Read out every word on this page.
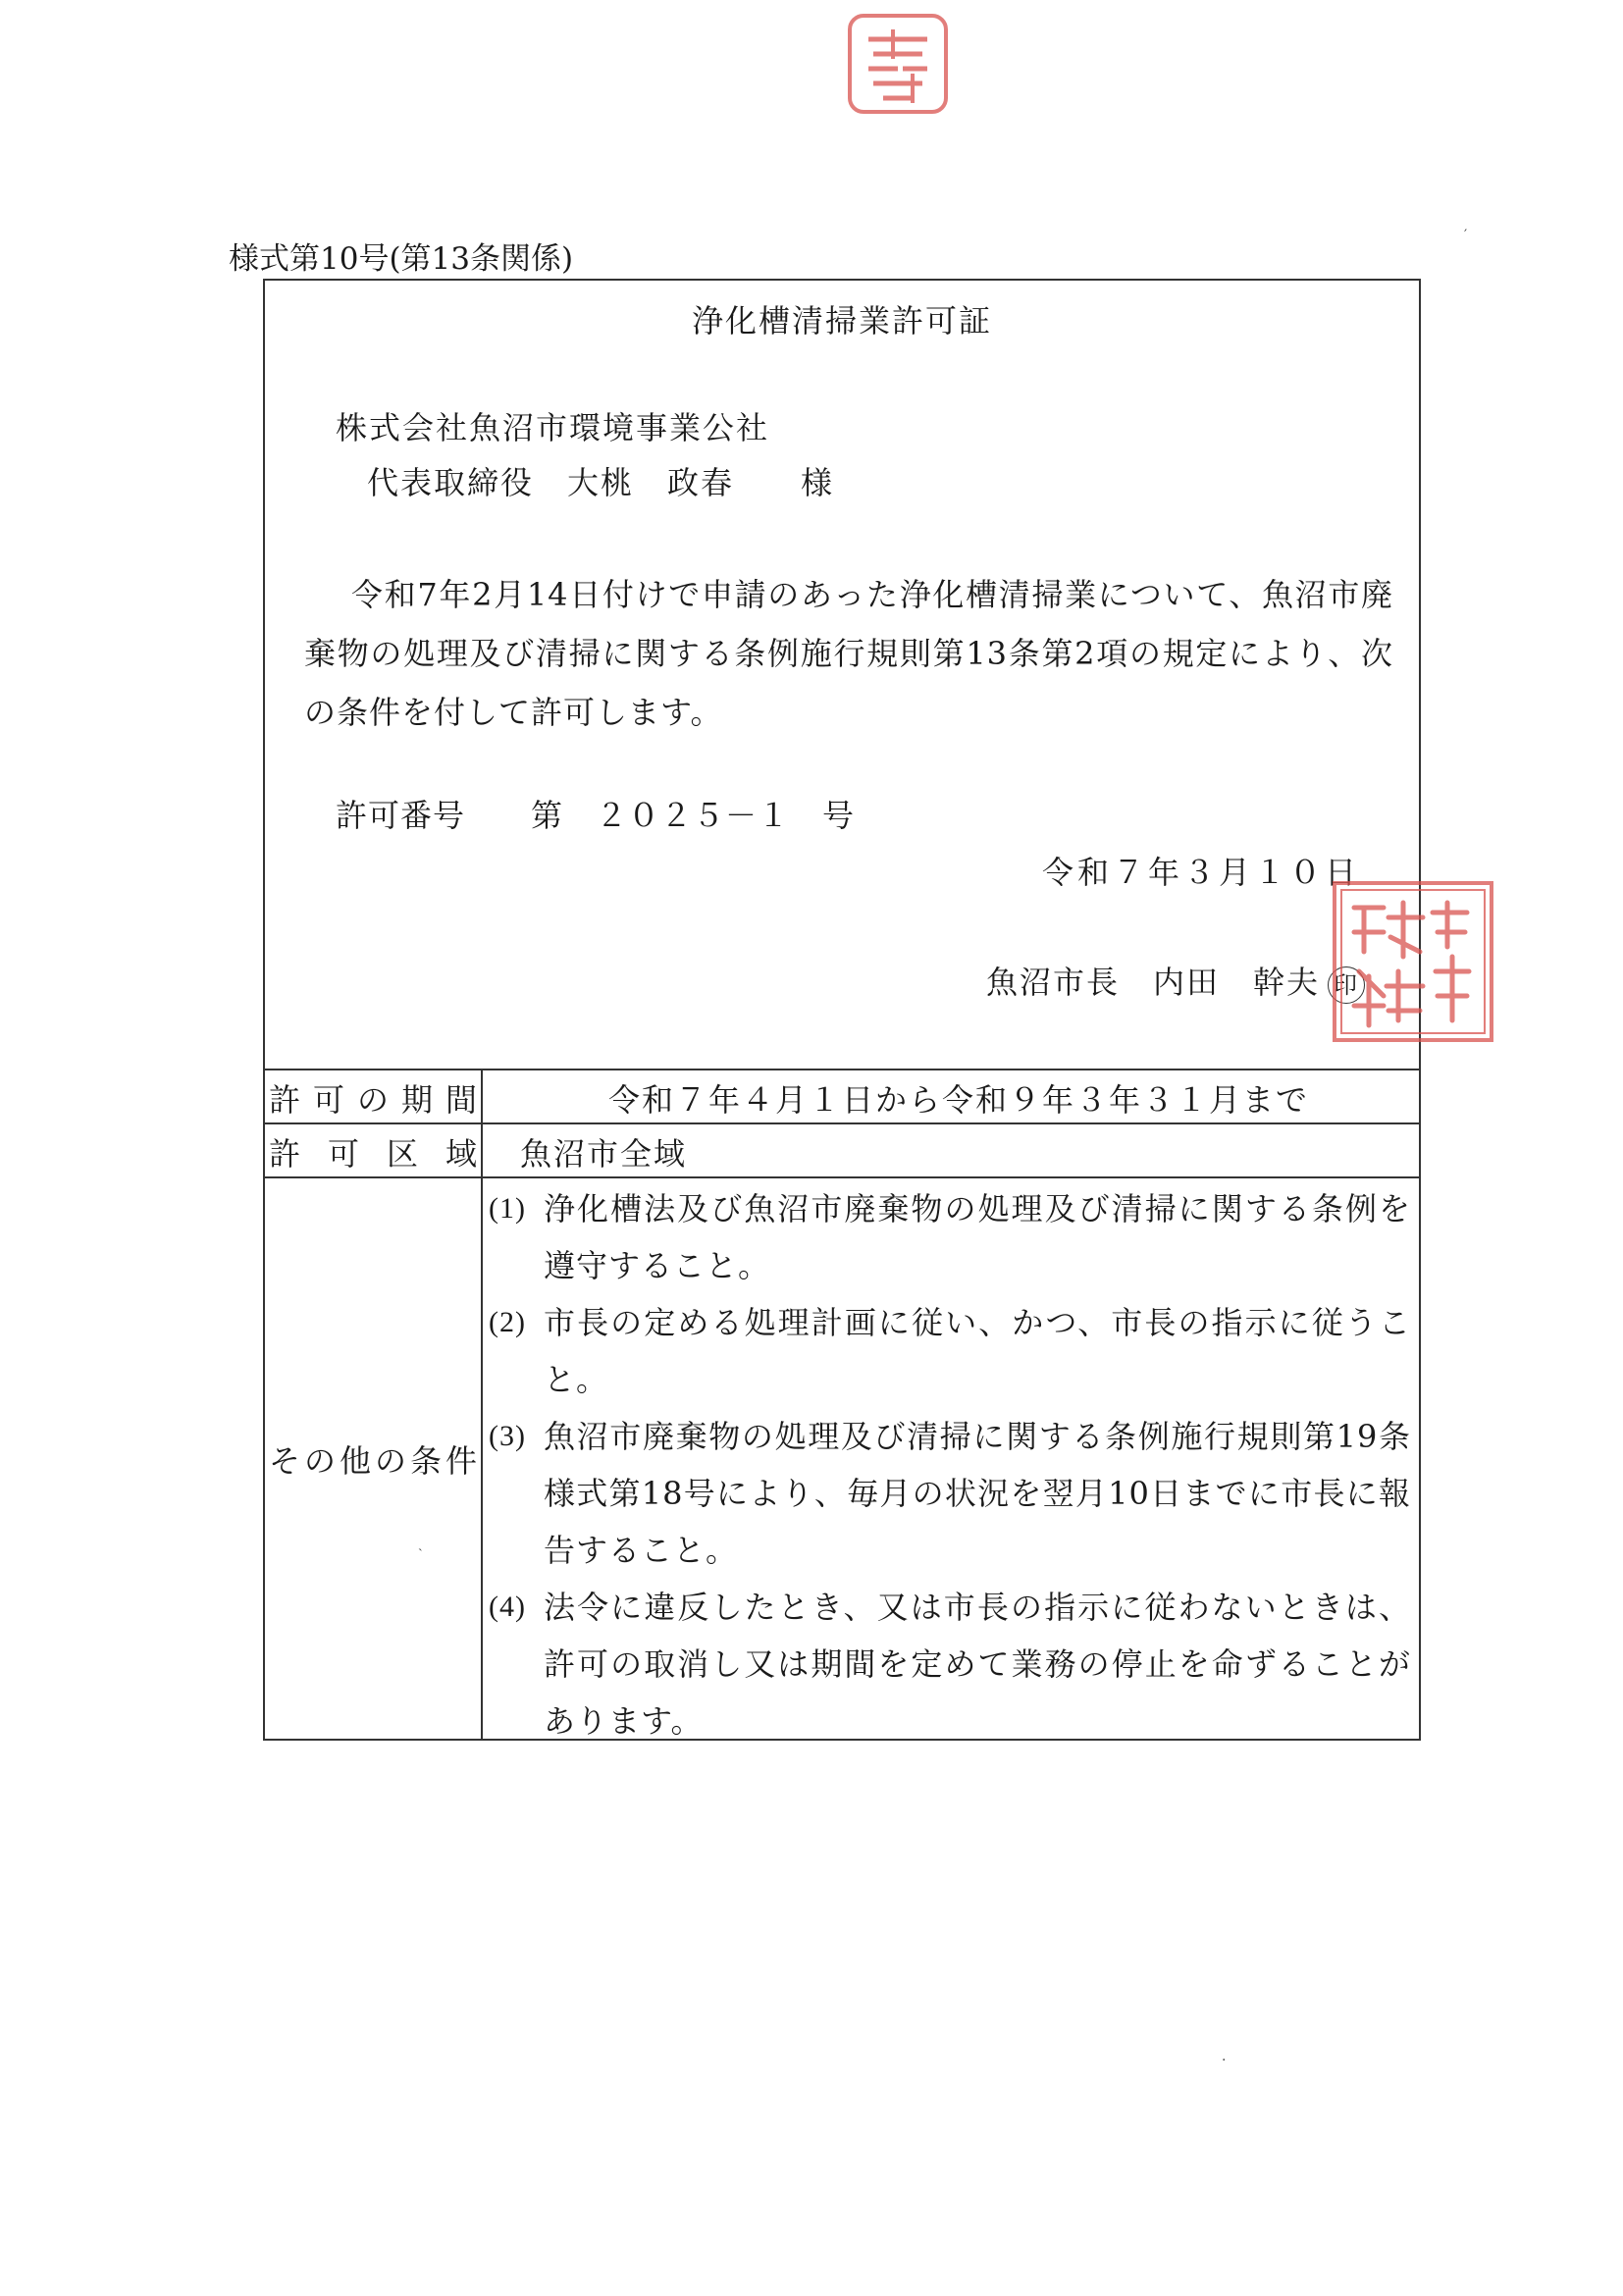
様式第10号(第13条関係)
浄化槽清掃業許可証
株式会社魚沼市環境事業公社
代表取締役　大桃　政春　　様
令和7年2月14日付けで申請のあった浄化槽清掃業について、魚沼市廃棄物の処理及び清掃に関する条例施行規則第13条第2項の規定により、次の条件を付して許可します。
許可番号 第　２０２５－１　号
令和７年３月１０日
魚沼市長　内田　幹夫 印
許可の期間	令和７年４月１日から令和９年３年３１月まで
許可区域 魚沼市全域
その他の条件
(1) 浄化槽法及び魚沼市廃棄物の処理及び清掃に関する条例を遵守すること。
(2) 市長の定める処理計画に従い、かつ、市長の指示に従うこと。
(3) 魚沼市廃棄物の処理及び清掃に関する条例施行規則第19条様式第18号により、毎月の状況を翌月10日までに市長に報告すること。
(4) 法令に違反したとき、又は市長の指示に従わないときは、許可の取消し又は期間を定めて業務の停止を命ずることがあります。
′
˴
.
